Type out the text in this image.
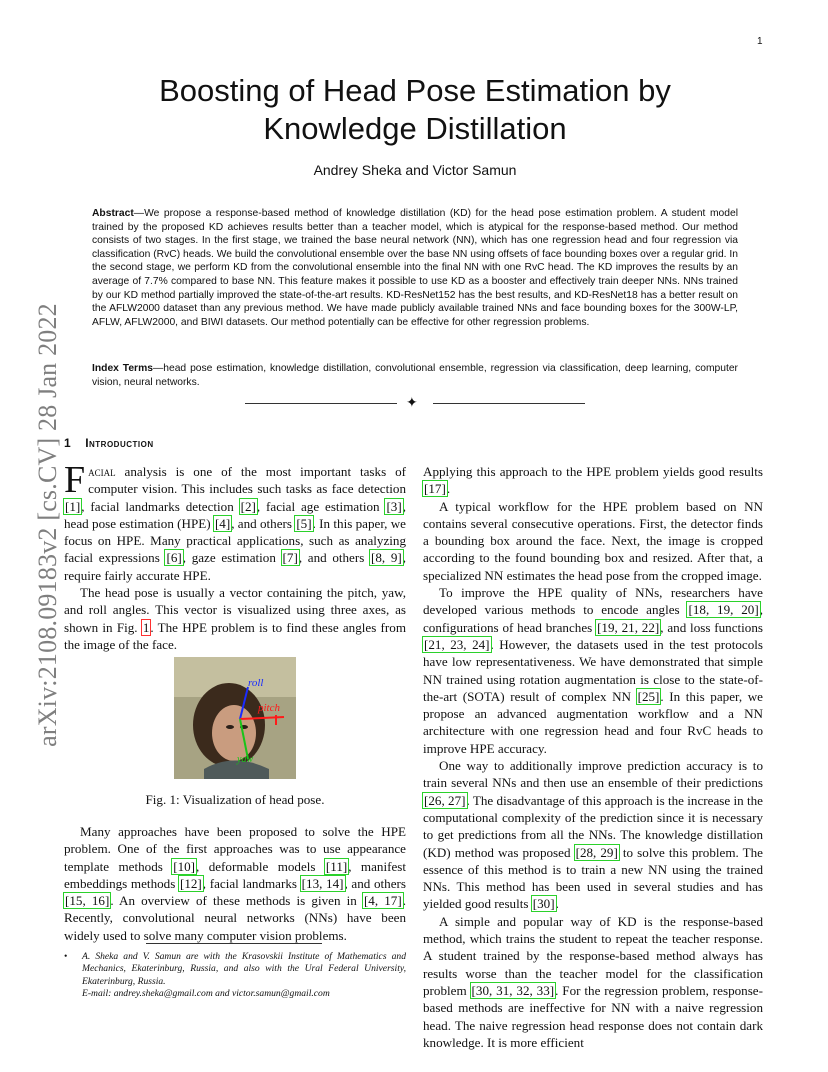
1
arXiv:2108.09183v2 [cs.CV] 28 Jan 2022
Boosting of Head Pose Estimation by Knowledge Distillation
Andrey Sheka and Victor Samun
Abstract—We propose a response-based method of knowledge distillation (KD) for the head pose estimation problem. A student model trained by the proposed KD achieves results better than a teacher model, which is atypical for the response-based method. Our method consists of two stages. In the first stage, we trained the base neural network (NN), which has one regression head and four regression via classification (RvC) heads. We build the convolutional ensemble over the base NN using offsets of face bounding boxes over a regular grid. In the second stage, we perform KD from the convolutional ensemble into the final NN with one RvC head. The KD improves the results by an average of 7.7% compared to base NN. This feature makes it possible to use KD as a booster and effectively train deeper NNs. NNs trained by our KD method partially improved the state-of-the-art results. KD-ResNet152 has the best results, and KD-ResNet18 has a better result on the AFLW2000 dataset than any previous method. We have made publicly available trained NNs and face bounding boxes for the 300W-LP, AFLW, AFLW2000, and BIWI datasets. Our method potentially can be effective for other regression problems.
Index Terms—head pose estimation, knowledge distillation, convolutional ensemble, regression via classification, deep learning, computer vision, neural networks.
✦
1 Introduction

Facial analysis is one of the most important tasks of computer vision. This includes such tasks as face detection [1], facial landmarks detection [2], facial age estimation [3], head pose estimation (HPE) [4], and others [5]. In this paper, we focus on HPE. Many practical applications, such as analyzing facial expressions [6], gaze estimation [7], and others [8, 9], require fairly accurate HPE.

The head pose is usually a vector containing the pitch, yaw, and roll angles. This vector is visualized using three axes, as shown in Fig. 1. The HPE problem is to find these angles from the image of the face.

roll
pitch
yaw
Fig. 1: Visualization of head pose.

Many approaches have been proposed to solve the HPE problem. One of the first approaches was to use appearance template methods [10], deformable models [11], manifest embeddings methods [12], facial landmarks [13, 14], and others [15, 16]. An overview of these methods is given in [4, 17]. Recently, convolutional neural networks (NNs) have been widely used to solve many computer vision problems.

• A. Sheka and V. Samun are with the Krasovskii Institute of Mathematics and Mechanics, Ekaterinburg, Russia, and also with the Ural Federal University, Ekaterinburg, Russia.
E-mail: andrey.sheka@gmail.com and victor.samun@gmail.com

Applying this approach to the HPE problem yields good results [17].

A typical workflow for the HPE problem based on NN contains several consecutive operations. First, the detector finds a bounding box around the face. Next, the image is cropped according to the found bounding box and resized. After that, a specialized NN estimates the head pose from the cropped image.

To improve the HPE quality of NNs, researchers have developed various methods to encode angles [18, 19, 20], configurations of head branches [19, 21, 22], and loss functions [21, 23, 24]. However, the datasets used in the test protocols have low representativeness. We have demonstrated that simple NN trained using rotation augmentation is close to the state-of-the-art (SOTA) result of complex NN [25]. In this paper, we propose an advanced augmentation workflow and a NN architecture with one regression head and four RvC heads to improve HPE accuracy.

One way to additionally improve prediction accuracy is to train several NNs and then use an ensemble of their predictions [26, 27]. The disadvantage of this approach is the increase in the computational complexity of the prediction since it is necessary to get predictions from all the NNs. The knowledge distillation (KD) method was proposed [28, 29] to solve this problem. The essence of this method is to train a new NN using the trained NNs. This method has been used in several studies and has yielded good results [30].

A simple and popular way of KD is the response-based method, which trains the student to repeat the teacher response. A student trained by the response-based method always has results worse than the teacher model for the classification problem [30, 31, 32, 33]. For the regression problem, response-based methods are ineffective for NN with a naive regression head. The naive regression head response does not contain dark knowledge. It is more efficient
